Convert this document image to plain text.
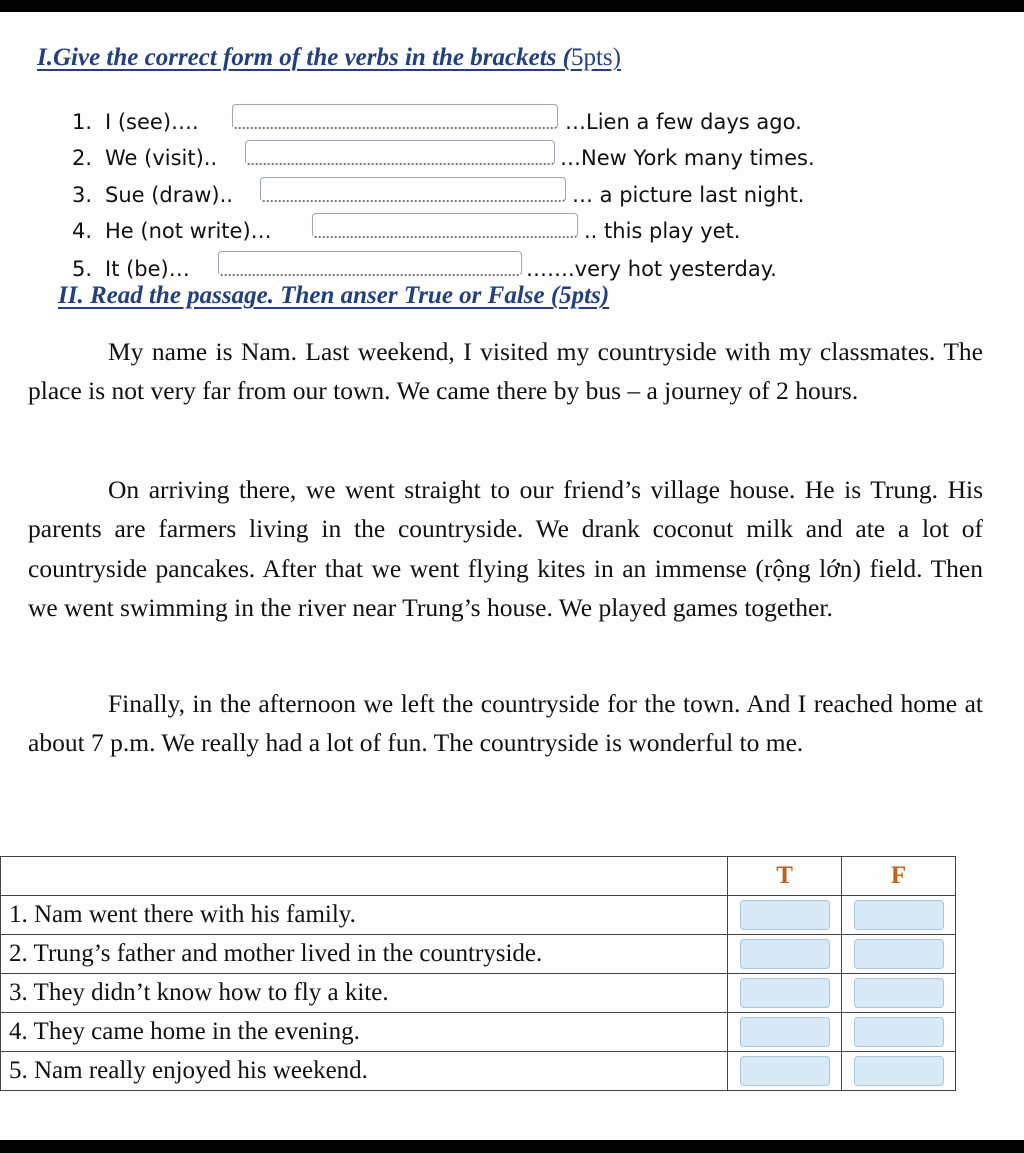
I.Give the correct form of the verbs in the brackets (5pts)
1. I (see)….	…Lien a few days ago.
2. We (visit)..	…New York many times.
3. Sue (draw)..	… a picture last night.
4. He (not write)…	.. this play yet.
5. It (be)…	…….very hot yesterday.
II. Read the passage. Then anser True or False (5pts)

My name is Nam. Last weekend, I visited my countryside with my classmates. The place is not very far from our town. We came there by bus – a journey of 2 hours.

On arriving there, we went straight to our friend’s village house. He is Trung. His parents are farmers living in the countryside. We drank coconut milk and ate a lot of countryside pancakes. After that we went flying kites in an immense (rộng lớn) field. Then we went swimming in the river near Trung’s house. We played games together.

Finally, in the afternoon we left the countryside for the town. And I reached home at about 7 p.m. We really had a lot of fun. The countryside is wonderful to me.

	T	F
1. Nam went there with his family.	

2. Trung’s father and mother lived in the countryside.	

3. They didn’t know how to fly a kite.	

4. They came home in the evening.	

5. Nam really enjoyed his weekend.	
